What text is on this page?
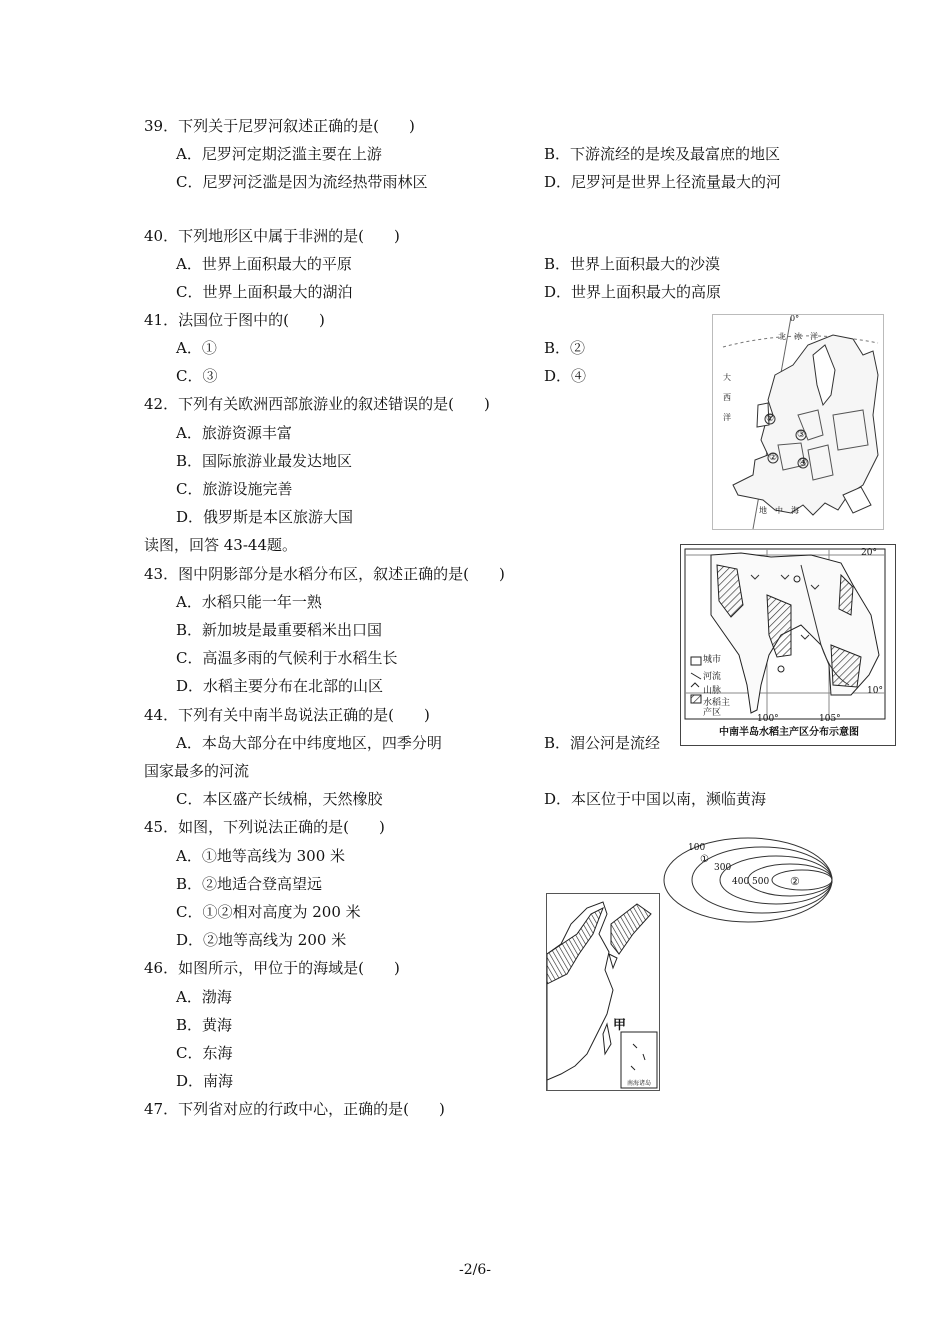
39．下列关于尼罗河叙述正确的是(　　)
A．尼罗河定期泛滥主要在上游	B．下游流经的是埃及最富庶的地区
C．尼罗河泛滥是因为流经热带雨林区	D．尼罗河是世界上径流量最大的河
40．下列地形区中属于非洲的是(　　)
A．世界上面积最大的平原	B．世界上面积最大的沙漠
C．世界上面积最大的湖泊	D．世界上面积最大的高原
41．法国位于图中的(　　)
A．①	B．②
C．③	D．④
42．下列有关欧洲西部旅游业的叙述错误的是(　　)
A．旅游资源丰富
B．国际旅游业最发达地区
C．旅游设施完善
D．俄罗斯是本区旅游大国
读图，回答 43-44题。
43．图中阴影部分是水稻分布区，叙述正确的是(　　)
A．水稻只能一年一熟
B．新加坡是最重要稻米出口国
C．高温多雨的气候利于水稻生长
D．水稻主要分布在北部的山区
44．下列有关中南半岛说法正确的是(　　)
A．本岛大部分在中纬度地区，四季分明	B．湄公河是流经
国家最多的河流
C．本区盛产长绒棉，天然橡胶	D．本区位于中国以南，濒临黄海
45．如图，下列说法正确的是(　　)
A．①地等高线为 300 米
B．②地适合登高望远
C．①②相对高度为 200 米
D．②地等高线为 200 米
46．如图所示，甲位于的海域是(　　)
A．渤海
B．黄海
C．东海
D．南海
47．下列省对应的行政中心，正确的是(　　)
0°
北　冰　洋
大

西

洋
地　中　海
①
②
③
④
城市
河流
山脉
水稻主
产区
20°
10°
100°	105°
中南半岛水稻主产区分布示意图
100
300
400 500
①
②
甲
南海诸岛
-2/6-
